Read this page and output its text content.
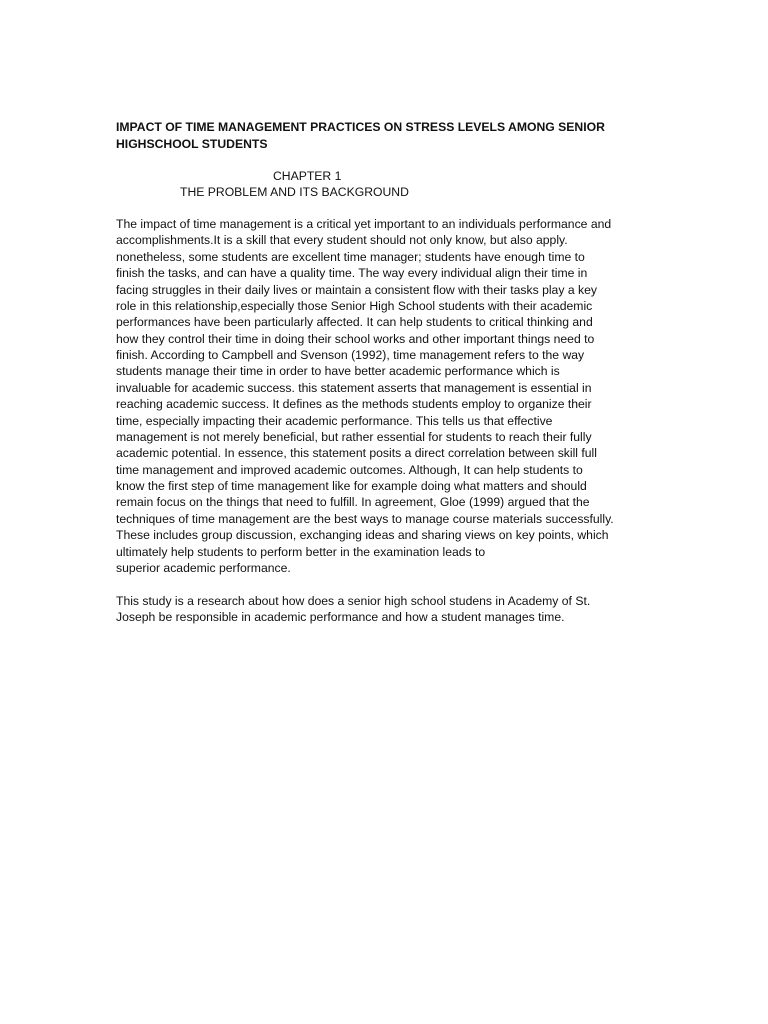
IMPACT OF TIME MANAGEMENT PRACTICES ON STRESS LEVELS AMONG SENIOR
HIGHSCHOOL STUDENTS
CHAPTER 1
THE PROBLEM AND ITS BACKGROUND
The impact of time management is a critical yet important to an individuals performance and
accomplishments.It is a skill that every student should not only know, but also apply.
nonetheless, some students are excellent time manager; students have enough time to
finish the tasks, and can have a quality time. The way every individual align their time in
facing struggles in their daily lives or maintain a consistent flow with their tasks play a key
role in this relationship,especially those Senior High School students with their academic
performances have been particularly affected. It can help students to critical thinking and
how they control their time in doing their school works and other important things need to
finish. According to Campbell and Svenson (1992), time management refers to the way
students manage their time in order to have better academic performance which is
invaluable for academic success. this statement asserts that management is essential in
reaching academic success. It defines as the methods students employ to organize their
time, especially impacting their academic performance. This tells us that effective
management is not merely beneficial, but rather essential for students to reach their fully
academic potential. In essence, this statement posits a direct correlation between skill full
time management and improved academic outcomes. Although, It can help students to
know the first step of time management like for example doing what matters and should
remain focus on the things that need to fulfill. In agreement, Gloe (1999) argued that the
techniques of time management are the best ways to manage course materials successfully.
These includes group discussion, exchanging ideas and sharing views on key points, which
ultimately help students to perform better in the examination leads to
superior academic performance.
This study is a research about how does a senior high school studens in Academy of St.
Joseph be responsible in academic performance and how a student manages time.
